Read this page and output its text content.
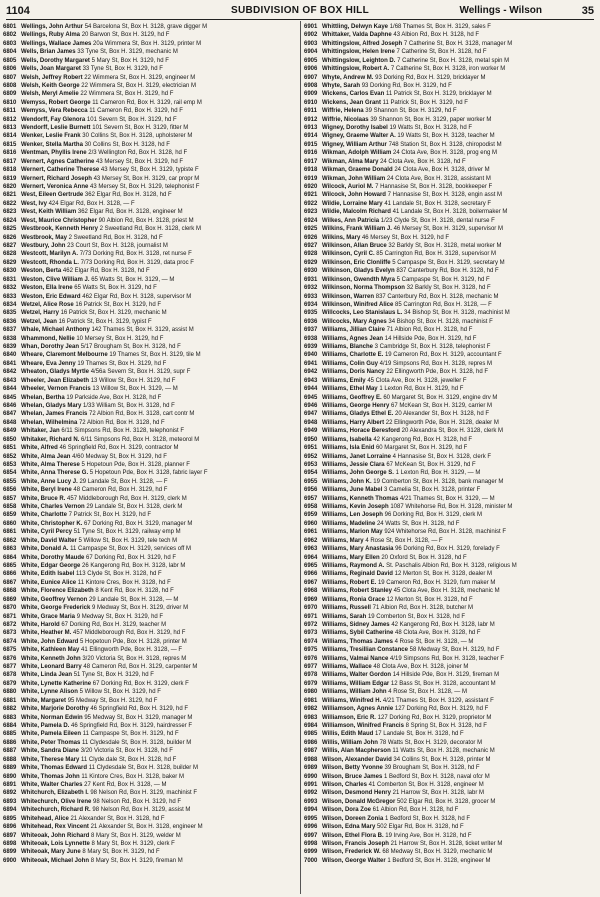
1104	SUBDIVISION OF BOX HILL	Wellings - Wilson	35
6801 Wellings, John Arthur 54 Barcelona St, Box H. 3128, grave digger M
6802 Wellings, Ruby Alma 20 Barwon St, Box H. 3129, hd F
6803 Wellings, Wallace James 20a Wimmera St, Box H. 3129, printer M
6804 Wells, Brian James 33 Tyne St, Box H. 3129, mechanic M
6805 Wells, Dorothy Margaret 5 Mary St, Box H. 3129, hd F
6806 Wells, Joan Margaret 33 Tyne St, Box H. 3129, hd F
6807 Welsh, Jeffrey Robert 22 Wimmera St, Box H. 3129, engineer M
6808 Welsh, Keith George 22 Wimmera St, Box H. 3129, electrician M
6809 Welsh, Meryl Amelie 22 Wimmera St, Box H. 3129, hd F
6810 Wemyss, Robert George 11 Cameron Rd, Box H. 3129, rail emp M
6811 Wemyss, Vera Rebecca 11 Cameron Rd, Box H. 3129, hd F
6812 Wendorff, Fay Glenora 101 Severn St, Box H. 3129, hd F
6813 Wendorff, Leslie Burnett 101 Severn St, Box H. 3129, fitter M
6814 Wenker, Leslie Frank 30 Collins St, Box H. 3128, upholsterer M
6815 Wenker, Stella Martha 30 Collins St, Box H. 3128, hd F
6816 Wentman, Phyllis Irene 2/3 Wellington Rd, Box H. 3128, hd F
6817 Wernert, Agnes Catherine 43 Mersey St, Box H. 3129, hd F
6818 Wernert, Catherine Therese 43 Mersey St, Box H. 3129, typiste F
6819 Wernert, Richard Joseph 43 Mersey St, Box H. 3129, car propr M
6820 Wernert, Veronica Anne 43 Mersey St, Box H. 3129, telephonist F
6821 West, Eileen Gertrude 362 Elgar Rd, Box H. 3128, hd F
6822 West, Ivy 424 Elgar Rd, Box H. 3128, — F
6823 West, Keith William 362 Elgar Rd, Box H. 3128, engineer M
6824 West, Maurice Christopher 90 Albion Rd, Box H. 3128, priest M
6825 Westbrook, Kenneth Henry 2 Sweetland Rd, Box H. 3128, clerk M
6826 Westbrook, May 2 Sweetland Rd, Box H. 3128, hd F
6827 Westbury, John 23 Court St, Box H. 3128, journalist M
6828 Westcott, Marilyn A. 7/73 Dorking Rd, Box H. 3128, ret nurse F
6829 Westcott, Rhonda L. 7/73 Dorking Rd, Box H. 3129, data proc F
6830 Weston, Berta 462 Elgar Rd, Box H. 3128, hd F
6831 Weston, Clive William J. 65 Watts St, Box H. 3129, — M
6832 Weston, Ella Irene 65 Watts St, Box H. 3129, hd F
6833 Weston, Eric Edward 462 Elgar Rd, Box H. 3128, supervisor M
6834 Wetzel, Alice Rose 16 Patrick St, Box H. 3129, hd F
6835 Wetzel, Harry 16 Patrick St, Box H. 3129, mechanic M
6836 Wetzel, Jean 16 Patrick St, Box H. 3129, typist F
6837 Whale, Michael Anthony 142 Thames St, Box H. 3129, assist M
6838 Whammond, Nellie 10 Mersey St, Box H. 3129, hd F
6839 Whan, Dorothy Jean 5/17 Brougham St, Box H. 3128, hd F
6840 Wheare, Claremont Melbourne 19 Thames St, Box H. 3129, tile M
6841 Wheare, Eva Jenny 19 Thames St, Box H. 3129, hd F
6842 Wheaton, Gladys Myrtle 4/56a Severn St, Box H. 3129, supr F
6843 Wheeler, Jean Elizabeth 13 Willow St, Box H. 3129, hd F
6844 Wheeler, Vernon Francis 13 Willow St, Box H. 3129, — M
6845 Whelan, Bertha 19 Parkside Ave, Box H. 3128, hd F
6846 Whelan, Gladys Mary 1/33 William St, Box H. 3128, hd F
6847 Whelan, James Francis 72 Albion Rd, Box H. 3128, cart contr M
6848 Whelan, Wilhelmina 72 Albion Rd, Box H. 3128, hd F
6849 Whitaker, Jan 6/11 Simpsons Rd, Box H. 3128, telephonist F
6850 Whitaker, Richard N. 6/11 Simpsons Rd, Box H. 3128, meteorol M
6851 White, Alfred 46 Springfield Rd, Box H. 3129, contractor M
6852 White, Alma Jean 4/60 Medway St, Box H. 3129, hd F
6853 White, Alma Therese 5 Hopetoun Pde, Box H. 3128, planner F
6854 White, Anna Therese G. 5 Hopetoun Pde, Box H. 3128, fabric layer F
6855 White, Anne Lucy J. 29 Landale St, Box H. 3128, — F
6856 White, Beryl Irene 48 Cameron Rd, Box H. 3129, hd F
6857 White, Bruce R. 457 Middleborough Rd, Box H. 3129, clerk M
6858 White, Charles Vernon 29 Landale St, Box H. 3128, clerk M
6859 White, Charlotte 7 Patrick St, Box H. 3129, hd F
6860 White, Christopher K. 67 Dorking Rd, Box H. 3129, manager M
6861 White, Cyril Percy 51 Tyne St, Box H. 3129, railway emp M
6862 White, David Walter 5 Willow St, Box H. 3129, tele tech M
6863 White, Donald A. 11 Campaspe St, Box H. 3129, services off M
6864 White, Dorothy Maude 67 Dorking Rd, Box H. 3129, hd F
6865 White, Edgar George 26 Kangerong Rd, Box H. 3128, labr M
6866 White, Edith Isabel 113 Clyde St, Box H. 3128, hd F
6867 White, Eunice Alice 11 Kintore Cres, Box H. 3128, hd F
6868 White, Florence Elizabeth 8 Kent Rd, Box H. 3128, hd F
6869 White, Geoffrey Vernon 29 Landale St, Box H. 3128, — M
6870 White, George Frederick 9 Medway St, Box H. 3129, driver M
6871 White, Grace Maria 9 Medway St, Box H. 3129, hd F
6872 White, Harold 67 Dorking Rd, Box H. 3129, teacher M
6873 White, Heather M. 457 Middleborough Rd, Box H. 3129, hd F
6874 White, John Edward 5 Hopetoun Pde, Box H. 3128, printer M
6875 White, Kathleen May 41 Ellingworth Pde, Box H. 3128, — F
6876 White, Kenneth John 3/20 Victoria St, Box H. 3128, repres M
6877 White, Leonard Barry 48 Cameron Rd, Box H. 3129, carpenter M
6878 White, Linda Jean 51 Tyne St, Box H. 3129, hd F
6879 White, Lynette Katherine 67 Dorking Rd, Box H. 3129, clerk F
6880 White, Lynne Alison 5 Willow St, Box H. 3129, hd F
6881 White, Margaret 95 Medway St, Box H. 3129, hd F
6882 White, Marjorie Dorothy 46 Springfield Rd, Box H. 3129, hd F
6883 White, Norman Edwin 95 Medway St, Box H. 3129, manager M
6884 White, Pamela D. 46 Springfield Rd, Box H. 3129, hairdresser F
6885 White, Pamela Eileen 11 Campaspe St, Box H. 3129, hd F
6886 White, Peter Thomas 11 Clydesdale St, Box H. 3128, builder M
6887 White, Sandra Diane 3/20 Victoria St, Box H. 3128, hd F
6888 White, Therese Mary 11 Clyde.dale St, Box H. 3128, hd F
6889 White, Thomas Edward 11 Clydesdale St, Box H. 3128, builder M
6890 White, Thomas John 11 Kintore Cres, Box H. 3128, baker M
6891 White, Walter Charles 27 Kent Rd, Box H. 3128, — M
6892 Whitchurch, Elizabeth I. 98 Nelson Rd, Box H. 3129, machinist F
6893 Whitechurch, Olive Irene 98 Nelson Rd, Box H. 3129, hd F
6894 Whitechurch, Richard R. 98 Nelson Rd, Box H. 3129, assist M
6895 Whitehead, Alice 21 Alexander St, Box H. 3128, hd F
6896 Whitehead, Rex Vincent 21 Alexander St, Box H. 3128, engineer M
6897 Whiteoak, John Richard 8 Mary St, Box H. 3129, welder M
6898 Whiteoak, Lois Lynnette 8 Mary St, Box H. 3129, clerk F
6899 Whiteoak, Mary June 8 Mary St, Box H. 3129, hd F
6900 Whiteoak, Michael John 8 Mary St, Box H. 3129, fireman M
6901 Whittling, Delwyn Kaye 1/68 Thames St, Box H. 3129, sales F
6902 Whittaker, Valda Daphne 43 Albion Rd, Box H. 3128, hd F
6903 Whittingslow, Alfred Joseph 7 Catherine St, Box H. 3128, manager M
6904 Whittingslow, Helen Irene 7 Catherine St, Box H. 3128, hd F
6905 Whittingslow, Leighton D. 7 Catherine St, Box H. 3128, metal spin M
6906 Whittingslow, Robert A. 7 Catherine St, Box H. 3128, iron worker M
6907 Whyte, Andrew M. 93 Dorking Rd, Box H. 3129, bricklayer M
6908 Whyte, Sarah 93 Dorking Rd, Box H. 3129, hd F
6909 Wickens, Carlos Evan 11 Patrick St, Box H. 3129, bricklayer M
6910 Wickens, Jean Grant 11 Patrick St, Box H. 3129, hd F
6911 Wiffrie, Helena 39 Shannon St, Box H. 3129, hd F
6912 Wiffrie, Nicolaas 39 Shannon St, Box H. 3129, paper worker M
6913 Wigney, Dorothy Isabel 19 Watts St, Box H. 3128, hd F
6914 Wigney, Graeme Walter A. 19 Watts St, Box H. 3128, teacher M
6915 Wigney, William Arthur 748 Station St, Box H. 3128, chiropodist M
6916 Wikman, Adolph William 24 Clota Ave, Box H. 3128, prog eng M
6917 Wikman, Alma Mary 24 Clota Ave, Box H. 3128, hd F
6918 Wikman, Graeme Donald 24 Clota Ave, Box H. 3128, driver M
6919 Wikman, John William 24 Clota Ave, Box H. 3128, assistant M
6920 Wilcock, Auriol M. 7 Hannasise St, Box H. 3128, bookkeeper F
6921 Wilcock, John Howard 7 Hannasise St, Box H. 3128, engin asst M
6922 Wildie, Lorraine Mary 41 Landale St, Box H. 3128, secretary F
6923 Wildie, Malcolm Richard 41 Landale St, Box H. 3128, boilermaker M
6924 Wilkes, Ann Patricia 1/23 Clyde St, Box H. 3128, dental nurse F
6925 Wilkins, Frank William J. 46 Mersey St, Box H. 3129, supervisor M
6926 Wilkins, Mary 46 Mersey St, Box H. 3129, hd F
6927 Wilkinson, Allan Bruce 32 Barkly St, Box H. 3128, metal worker M
6928 Wilkinson, Cyril C. 85 Carrington Rd, Box H. 3128, supervisor M
6929 Wilkinson, Eric Clonliffe 5 Campaspe St, Box H. 3129, secretary M
6930 Wilkinson, Gladys Evelyn 837 Canterbury Rd, Box H. 3128, hd F
6931 Wilkinson, Gwendth Myra 5 Campaspe St, Box H. 3129, hd F
6932 Wilkinson, Norma Thompson 32 Barkly St, Box H. 3128, hd F
6933 Wilkinson, Warren 837 Canterbury Rd, Box H. 3128, mechanic M
6934 Wilkinson, Winifred Alice 85 Carrington Rd, Box H. 3128, — F
6935 Willcocks, Leo Stanislaus L. 34 Bishop St, Box H. 3128, machinist M
6936 Willcocks, Mary Agnes 34 Bishop St, Box H. 3128, machinist F
6937 Williams, Jillian Claire 71 Albion Rd, Box H. 3128, hd F
6938 Williams, Agnes Jean 14 Hillside Pde, Box H. 3129, hd F
6939 Williams, Blanche 3 Cambridge St, Box H. 3128, telephonist F
6940 Williams, Charlotte E. 19 Cameron Rd, Box H. 3129, accountant F
6941 Williams, Colin Guy 4/19 Simpsons Rd, Box H. 3128, repres M
6942 Williams, Doris Nancy 22 Ellingworth Pde, Box H. 3128, hd F
6943 Williams, Emily 45 Clota Ave, Box H. 3128, jeweller F
6944 Williams, Ethel May 1 Lexton Rd, Box H. 3129, hd F
6945 Williams, Geoffrey E. 60 Margaret St, Box H. 3129, engine drv M
6946 Williams, George Henry 67 McKean St, Box H. 3129, carrier M
6947 Williams, Gladys Ethel E. 20 Alexander St, Box H. 3128, hd F
6948 Williams, Harry Albert 22 Ellingworth Pde, Box H. 3128, dealer M
6949 Williams, Horace Beresford 20 Alexandra St, Box H. 3128, clerk M
6950 Williams, Isabella 42 Kangerong Rd, Box H. 3128, hd F
6951 Williams, Isla Enid 60 Margaret St, Box H. 3129, hd F
6952 Williams, Janet Lorraine 4 Hannasise St, Box H. 3128, clerk F
6953 Williams, Jessie Clara 67 McKean St, Box H. 3129, hd F
6954 Williams, John George S. 1 Lexton Rd, Box H. 3129, — M
6955 Williams, John K. 19 Comberton St, Box H. 3128, bank manager M
6956 Williams, June Mabel 3 Camelia St, Box H. 3128, printer F
6957 Williams, Kenneth Thomas 4/21 Thames St, Box H. 3129, — M
6958 Williams, Kevin Joseph 1087 Whitehorse Rd, Box H. 3128, minister M
6959 Williams, Len Joseph 96 Dorking Rd, Box H. 3129, clerk M
6960 Williams, Madeline 24 Watts St, Box H. 3128, hd F
6961 Williams, Marion May 924 Whitehorse Rd, Box H. 3128, machinist F
6962 Williams, Mary 4 Rose St, Box H. 3128, — F
6963 Williams, Mary Anastasia 96 Dorking Rd, Box H. 3129, forelady F
6964 Williams, Mary Ellen 20 Oxford St, Box H. 3128, hd F
6965 Williams, Raymond A. St. Paschalis Albion Rd, Box H. 3128, religious M
6966 Williams, Reginald David 12 Merton St, Box H. 3128, dealer M
6967 Williams, Robert E. 19 Cameron Rd, Box H. 3129, furn maker M
6968 Williams, Robert Stanley 45 Clota Ave, Box H. 3128, mechanic M
6969 Williams, Ronia Grace 12 Merton St, Box H. 3128, hd F
6970 Williams, Russell 71 Albion Rd, Box H. 3128, butcher M
6971 Williams, Sarah 19 Comberton St, Box H. 3128, hd F
6972 Williams, Sidney James 42 Kangerong Rd, Box H. 3128, labr M
6973 Williams, Sybil Catherine 48 Clota Ave, Box H. 3128, hd F
6974 Williams, Thomas James 4 Rose St, Box H. 3128, — M
6975 Williams, Tresillian Constance 58 Medway St, Box H. 3129, hd F
6976 Williams, Valmai Nance 4/19 Simpsons Rd, Box H. 3128, teacher F
6977 Williams, Wallace 48 Clota Ave, Box H. 3128, joiner M
6978 Williams, Walter Gordon 14 Hillside Pde, Box H. 3129, fireman M
6979 Williams, William Edgar 12 Bass St, Box H. 3128, accountant M
6980 Williams, William John 4 Rose St, Box H. 3128, — M
6981 Williams, Winifred H. 4/21 Thames St, Box H. 3129, assistant F
6982 Williamson, Agnes Annie 127 Dorking Rd, Box H. 3129, hd F
6983 Williamson, Eric R. 127 Dorking Rd, Box H. 3129, proprietor M
6984 Williamson, Winifred Francis 8 Spring St, Box H. 3128, hd F
6985 Willis, Edith Maud 17 Landale St, Box H. 3128, hd F
6986 Willis, William John 78 Watts St, Box H. 3129, decorator M
6987 Willis, Alan Macpherson 11 Watts St, Box H. 3128, mechanic M
6988 Wilson, Alexander David 34 Collins St, Box H. 3128, printer M
6989 Wilson, Betty Yvonne 39 Brougham St, Box H. 3128, hd F
6990 Wilson, Bruce James 1 Bedford St, Box H. 3128, naval ofcr M
6991 Wilson, Charles 41 Comberton St, Box H. 3128, engineer M
6992 Wilson, Desmond Henry 21 Harrow St, Box H. 3128, labr M
6993 Wilson, Donald McGregor 502 Elgar Rd, Box H. 3128, grocer M
6994 Wilson, Dora Zoe 61 Albion Rd, Box H. 3128, hd F
6995 Wilson, Doreen Zonia 1 Bedford St, Box H. 3128, hd F
6996 Wilson, Edna Mary 502 Elgar Rd, Box H. 3128, hd F
6997 Wilson, Ethel Flora B. 19 Irving Ave, Box H. 3128, hd F
6998 Wilson, Francis Joseph 21 Harrow St, Box H. 3128, ticket writer M
6999 Wilson, Frederick W. 68 Medway St, Box H. 3129, mechanic M
7000 Wilson, George Walter 1 Bedford St, Box H. 3128, engineer M
